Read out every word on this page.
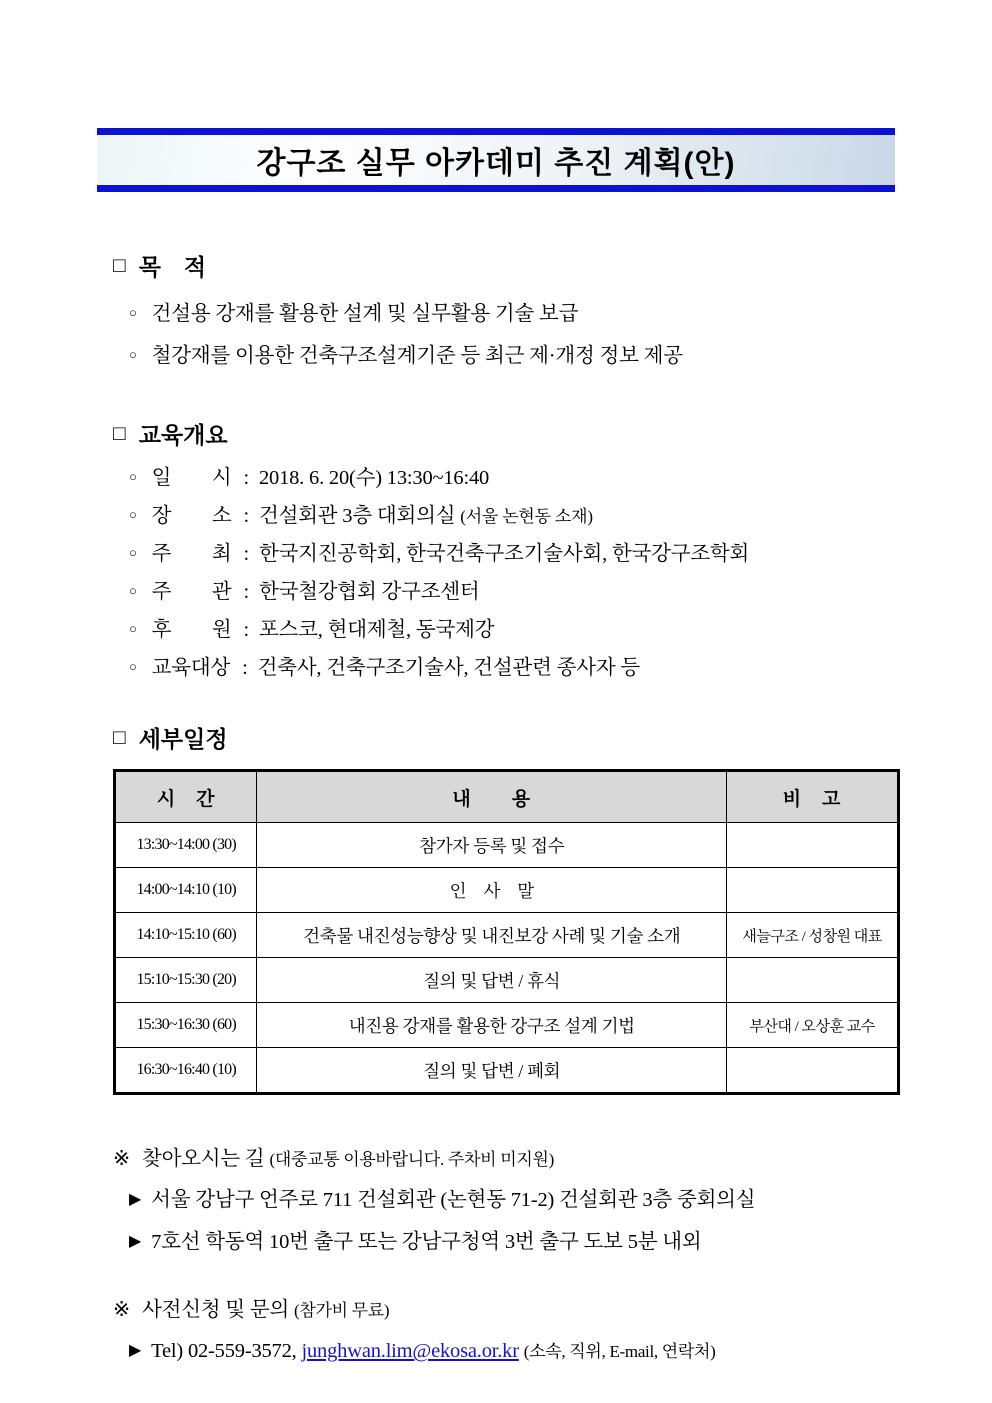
강구조 실무 아카데미 추진 계획(안)
□ 목　적
○ 건설용 강재를 활용한 설계 및 실무활용 기술 보급
○ 철강재를 이용한 건축구조설계기준 등 최근 제·개정 정보 제공
□ 교육개요
○ 일　　시 : 2018. 6. 20(수) 13:30~16:40
○ 장　　소 : 건설회관 3층 대회의실 (서울 논현동 소재)
○ 주　　최 : 한국지진공학회, 한국건축구조기술사회, 한국강구조학회
○ 주　　관 : 한국철강협회 강구조센터
○ 후　　원 : 포스코, 현대제철, 동국제강
○ 교육대상 : 건축사, 건축구조기술사, 건설관련 종사자 등
□ 세부일정
시　간	내　　용	비　고
13:30~14:00 (30)	참가자 등록 및 접수	
14:00~14:10 (10)	인　사　말	
14:10~15:10 (60)	건축물 내진성능향상 및 내진보강 사례 및 기술 소개	새늘구조 / 성창원 대표
15:10~15:30 (20)	질의 및 답변 / 휴식	
15:30~16:30 (60)	내진용 강재를 활용한 강구조 설계 기법	부산대 / 오상훈 교수
16:30~16:40 (10)	질의 및 답변 / 폐회	
※ 찾아오시는 길 (대중교통 이용바랍니다. 주차비 미지원)
▶ 서울 강남구 언주로 711 건설회관 (논현동 71-2) 건설회관 3층 중회의실
▶ 7호선 학동역 10번 출구 또는 강남구청역 3번 출구 도보 5분 내외
※ 사전신청 및 문의 (참가비 무료)
▶ Tel) 02-559-3572, junghwan.lim@ekosa.or.kr (소속, 직위, E-mail, 연락처)
